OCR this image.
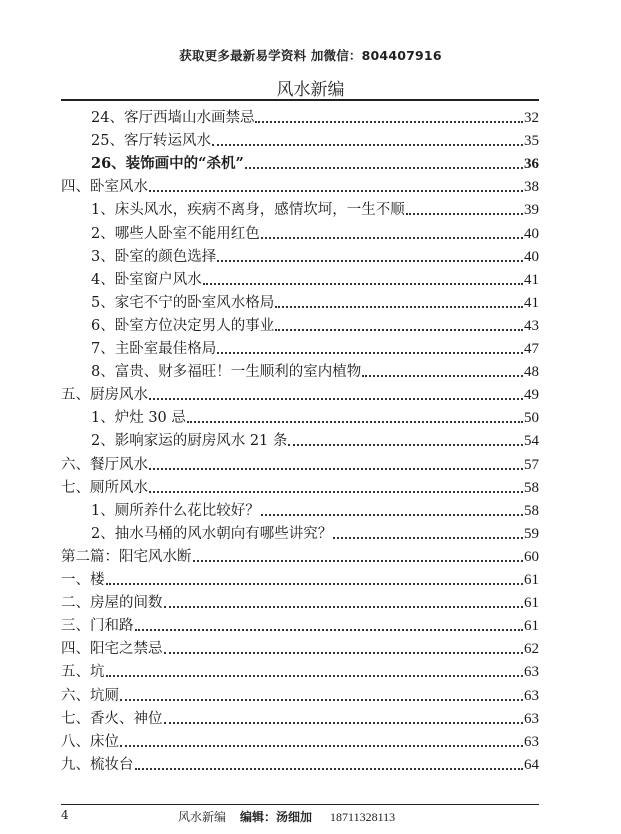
获取更多最新易学资料 加微信：804407916
风水新编
24、客厅西墙山水画禁忌	32
25、客厅转运风水	35
26、装饰画中的“杀机”	36
四、卧室风水	38
1、床头风水，疾病不离身，感情坎坷，一生不顺	39
2、哪些人卧室不能用红色	40
3、卧室的颜色选择	40
4、卧室窗户风水	41
5、家宅不宁的卧室风水格局	41
6、卧室方位决定男人的事业	43
7、主卧室最佳格局	47
8、富贵、财多福旺！一生顺利的室内植物	48
五、厨房风水	49
1、炉灶 30 忌	50
2、影响家运的厨房风水 21 条	54
六、餐厅风水	57
七、厕所风水	58
1、厕所养什么花比较好？	58
2、抽水马桶的风水朝向有哪些讲究？	59
第二篇：阳宅风水断	60
一、楼	61
二、房屋的间数	61
三、门和路	61
四、阳宅之禁忌	62
五、坑	63
六、坑厕	63
七、香火、神位	63
八、床位	63
九、梳妆台	64
4	风水新编 编辑：汤细加 18711328113
